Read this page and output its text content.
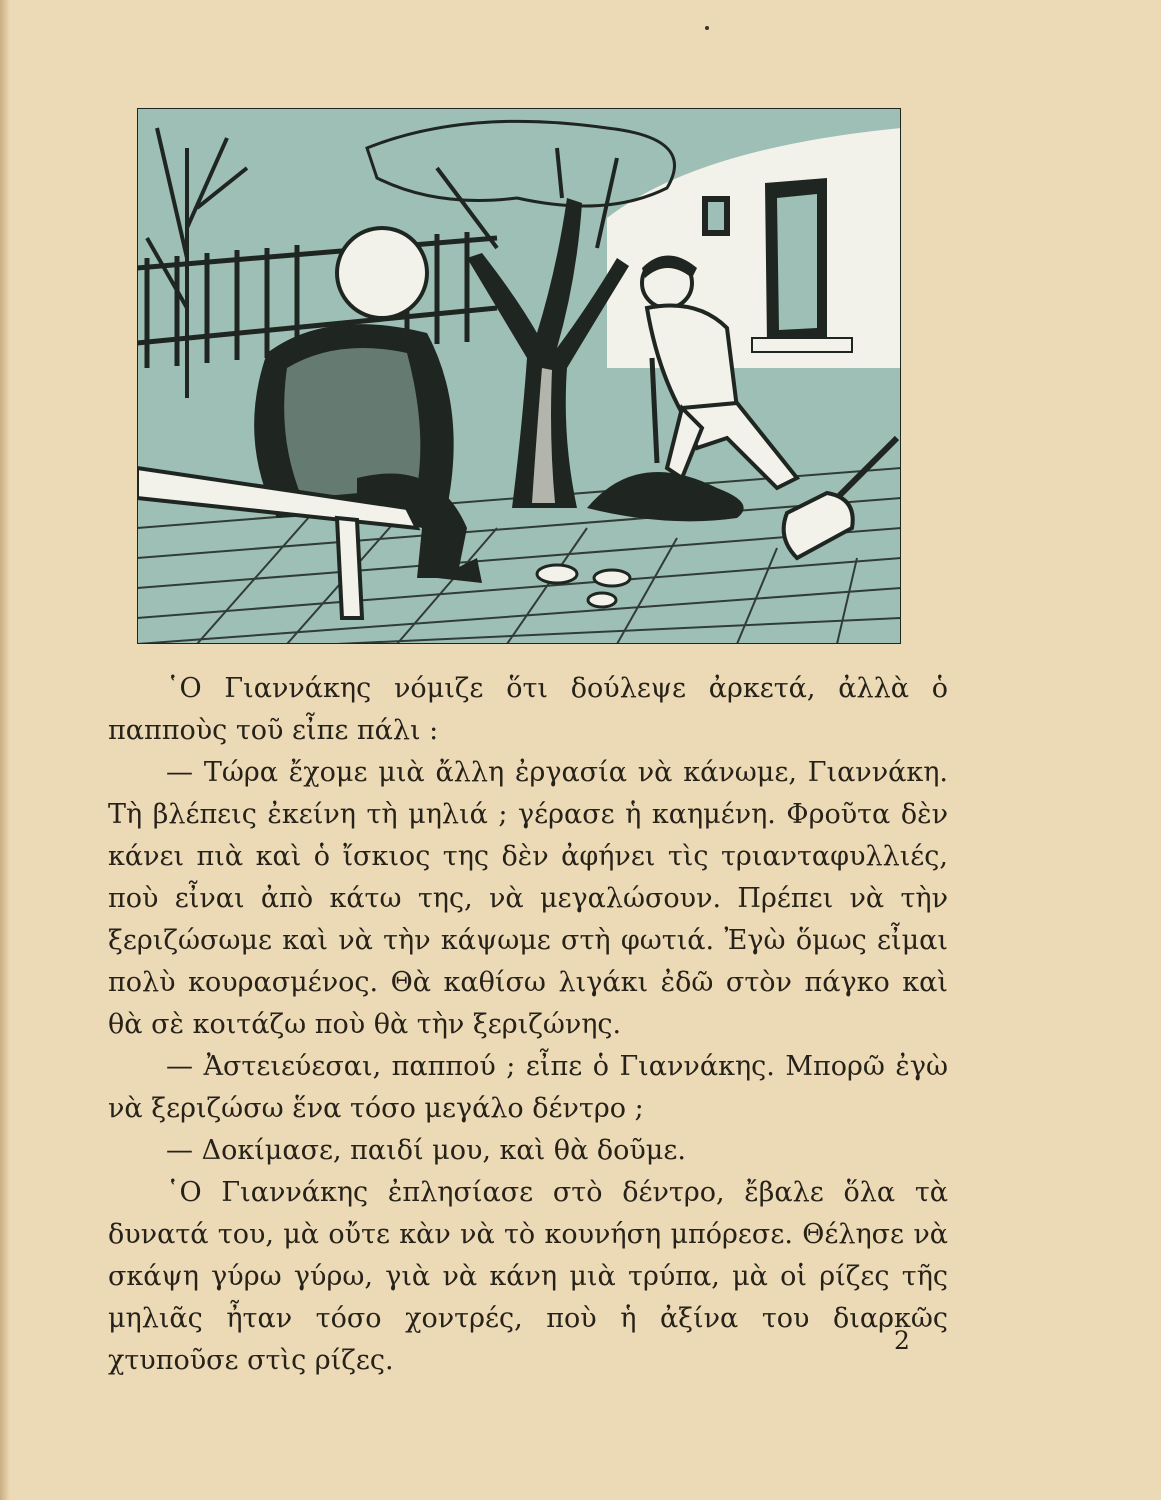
῾Ο Γιαννάκης νόμιζε ὅτι δούλεψε ἀρκετά, ἀλλὰ ὁ παπποὺς τοῦ εἶπε πάλι :

— Τώρα ἔχομε μιὰ ἄλλη ἐργασία νὰ κάνωμε, Γιαννάκη. Τὴ βλέπεις ἐκείνη τὴ μηλιά ; γέρασε ἡ καημένη. Φροῦτα δὲν κάνει πιὰ καὶ ὁ ἴσκιος της δὲν ἀφήνει τὶς τριανταφυλλιές, ποὺ εἶναι ἀπὸ κάτω της, νὰ μεγαλώσουν. Πρέπει νὰ τὴν ξεριζώσωμε καὶ νὰ τὴν κάψωμε στὴ φωτιά. Ἐγὼ ὅμως εἶμαι πολὺ κουρασμένος. Θὰ καθίσω λιγάκι ἐδῶ στὸν πάγκο καὶ θὰ σὲ κοιτάζω ποὺ θὰ τὴν ξεριζώνης.

— Ἀστειεύεσαι, παππού ; εἶπε ὁ Γιαννάκης. Μπορῶ ἐγὼ νὰ ξεριζώσω ἕνα τόσο μεγάλο δέντρο ;

— Δοκίμασε, παιδί μου, καὶ θὰ δοῦμε.

῾Ο Γιαννάκης ἐπλησίασε στὸ δέντρο, ἔβαλε ὅλα τὰ δυνατά του, μὰ οὔτε κὰν νὰ τὸ κουνήση μπόρεσε. Θέλησε νὰ σκάψη γύρω γύρω, γιὰ νὰ κάνη μιὰ τρύπα, μὰ οἱ ρίζες τῆς μηλιᾶς ἦταν τόσο χοντρές, ποὺ ἡ ἀξίνα του διαρκῶς χτυποῦσε στὶς ρίζες.

2
